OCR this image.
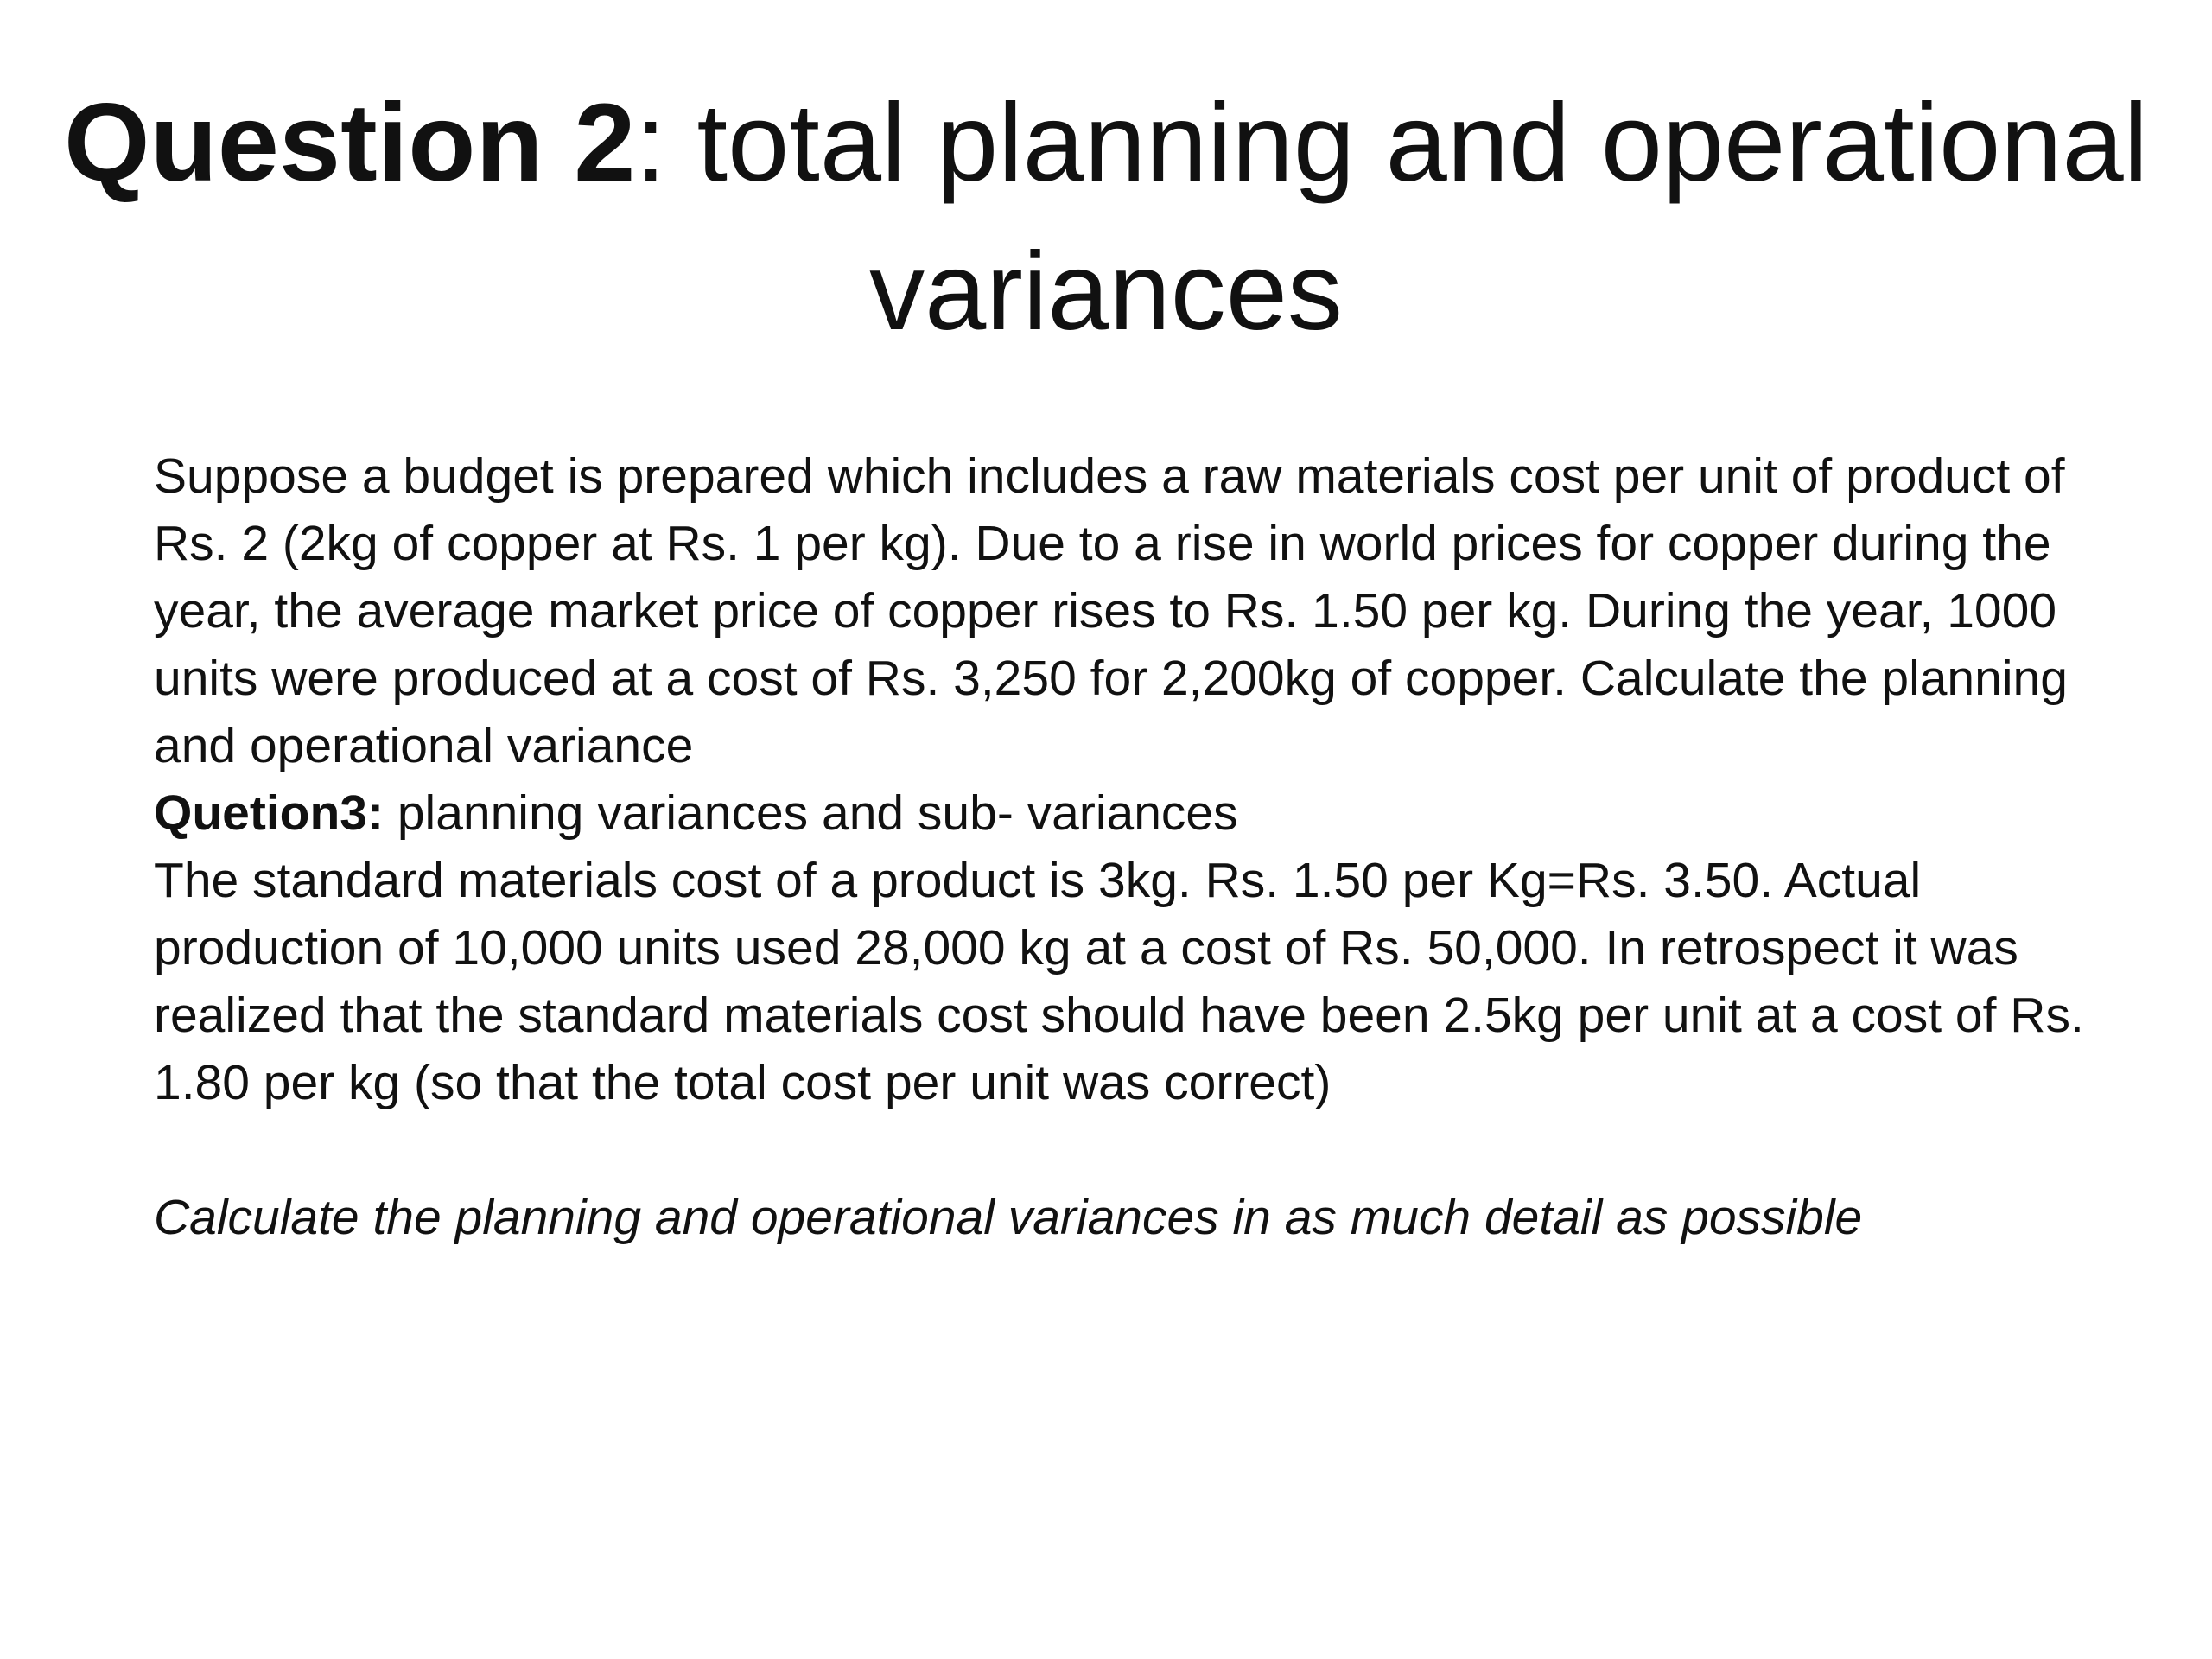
Question 2: total planning and operational variances

Suppose a budget is prepared which includes a raw materials cost per unit of product of Rs. 2 (2kg of copper at Rs. 1 per kg). Due to a rise in world prices for copper during the year, the average market price of copper rises to Rs. 1.50 per kg. During the year, 1000 units were produced at a cost of Rs. 3,250 for 2,200kg of copper. Calculate the planning and operational variance

Quetion3: planning variances and sub- variances

The standard materials cost of a product is 3kg. Rs. 1.50 per Kg=Rs. 3.50. Actual production of 10,000 units used 28,000 kg at a cost of Rs. 50,000. In retrospect it was realized that the standard materials cost should have been 2.5kg per unit at a cost of Rs. 1.80 per kg (so that the total cost per unit was correct)

Calculate the planning and operational variances in as much detail as possible
